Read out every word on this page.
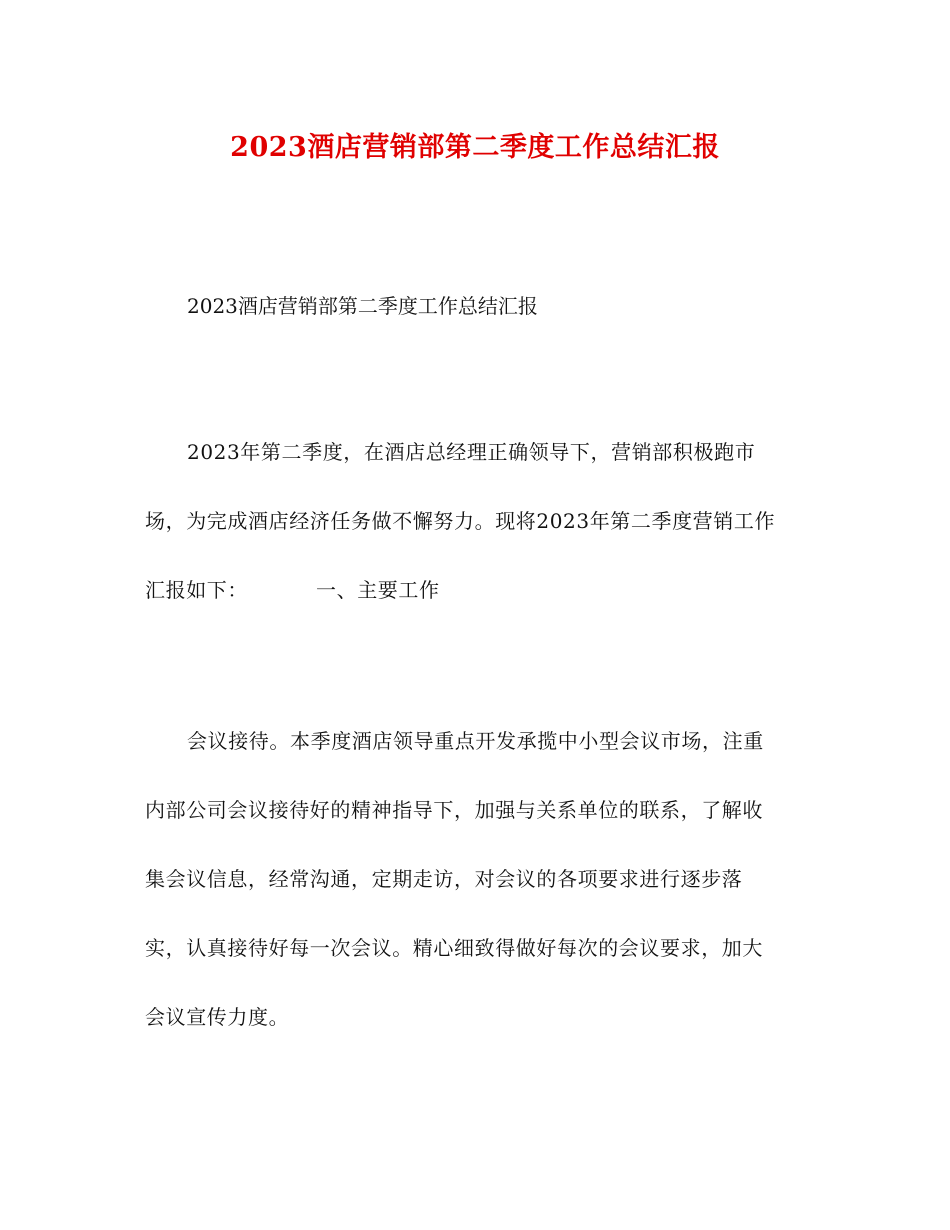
2023酒店营销部第二季度工作总结汇报

2023酒店营销部第二季度工作总结汇报

2023年第二季度，在酒店总经理正确领导下，营销部积极跑市
场，为完成酒店经济任务做不懈努力。现将2023年第二季度营销工作
汇报如下：	一、主要工作
会议接待。本季度酒店领导重点开发承揽中小型会议市场，注重
内部公司会议接待好的精神指导下，加强与关系单位的联系，了解收
集会议信息，经常沟通，定期走访，对会议的各项要求进行逐步落
实，认真接待好每一次会议。精心细致得做好每次的会议要求，加大
会议宣传力度。
